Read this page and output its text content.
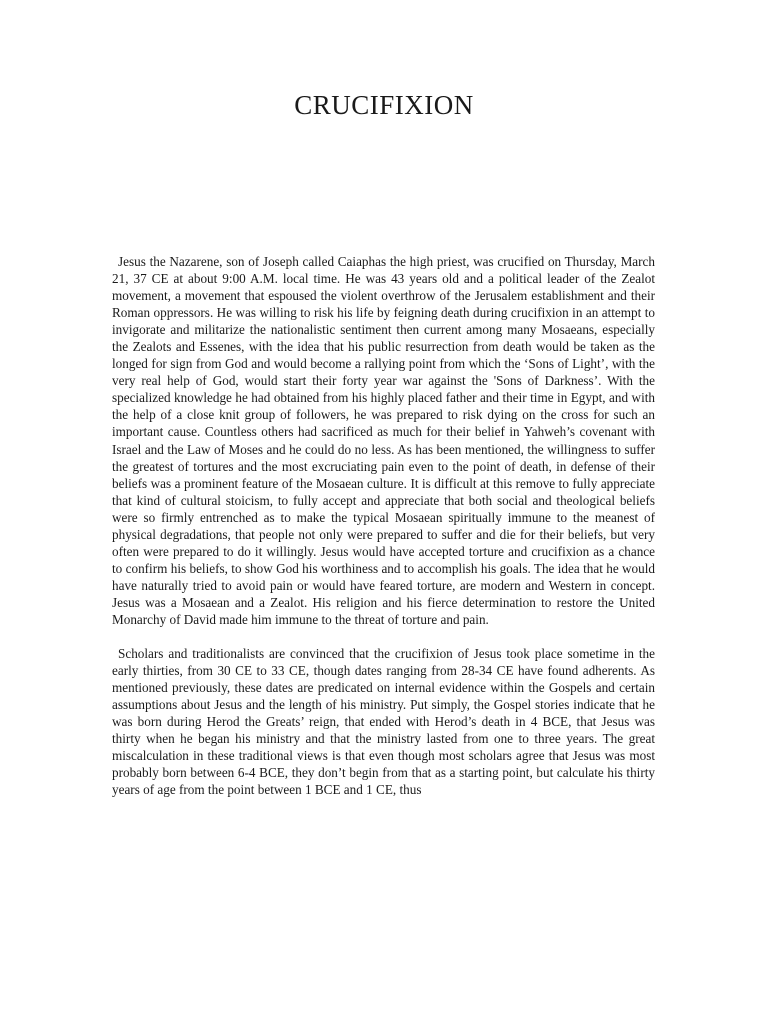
CRUCIFIXION

Jesus the Nazarene, son of Joseph called Caiaphas the high priest, was crucified on Thursday, March 21, 37 CE at about 9:00 A.M. local time. He was 43 years old and a political leader of the Zealot movement, a movement that espoused the violent overthrow of the Jerusalem establishment and their Roman oppressors. He was willing to risk his life by feigning death during crucifixion in an attempt to invigorate and militarize the nationalistic sentiment then current among many Mosaeans, especially the Zealots and Essenes, with the idea that his public resurrection from death would be taken as the longed for sign from God and would become a rallying point from which the ‘Sons of Light’, with the very real help of God, would start their forty year war against the 'Sons of Darkness’. With the specialized knowledge he had obtained from his highly placed father and their time in Egypt, and with the help of a close knit group of followers, he was prepared to risk dying on the cross for such an important cause. Countless others had sacrificed as much for their belief in Yahweh’s covenant with Israel and the Law of Moses and he could do no less. As has been mentioned, the willingness to suffer the greatest of tortures and the most excruciating pain even to the point of death, in defense of their beliefs was a prominent feature of the Mosaean culture. It is difficult at this remove to fully appreciate that kind of cultural stoicism, to fully accept and appreciate that both social and theological beliefs were so firmly entrenched as to make the typical Mosaean spiritually immune to the meanest of physical degradations, that people not only were prepared to suffer and die for their beliefs, but very often were prepared to do it willingly. Jesus would have accepted torture and crucifixion as a chance to confirm his beliefs, to show God his worthiness and to accomplish his goals. The idea that he would have naturally tried to avoid pain or would have feared torture, are modern and Western in concept. Jesus was a Mosaean and a Zealot. His religion and his fierce determination to restore the United Monarchy of David made him immune to the threat of torture and pain.

Scholars and traditionalists are convinced that the crucifixion of Jesus took place sometime in the early thirties, from 30 CE to 33 CE, though dates ranging from 28-34 CE have found adherents. As mentioned previously, these dates are predicated on internal evidence within the Gospels and certain assumptions about Jesus and the length of his ministry. Put simply, the Gospel stories indicate that he was born during Herod the Greats’ reign, that ended with Herod’s death in 4 BCE, that Jesus was thirty when he began his ministry and that the ministry lasted from one to three years. The great miscalculation in these traditional views is that even though most scholars agree that Jesus was most probably born between 6-4 BCE, they don’t begin from that as a starting point, but calculate his thirty years of age from the point between 1 BCE and 1 CE, thus
